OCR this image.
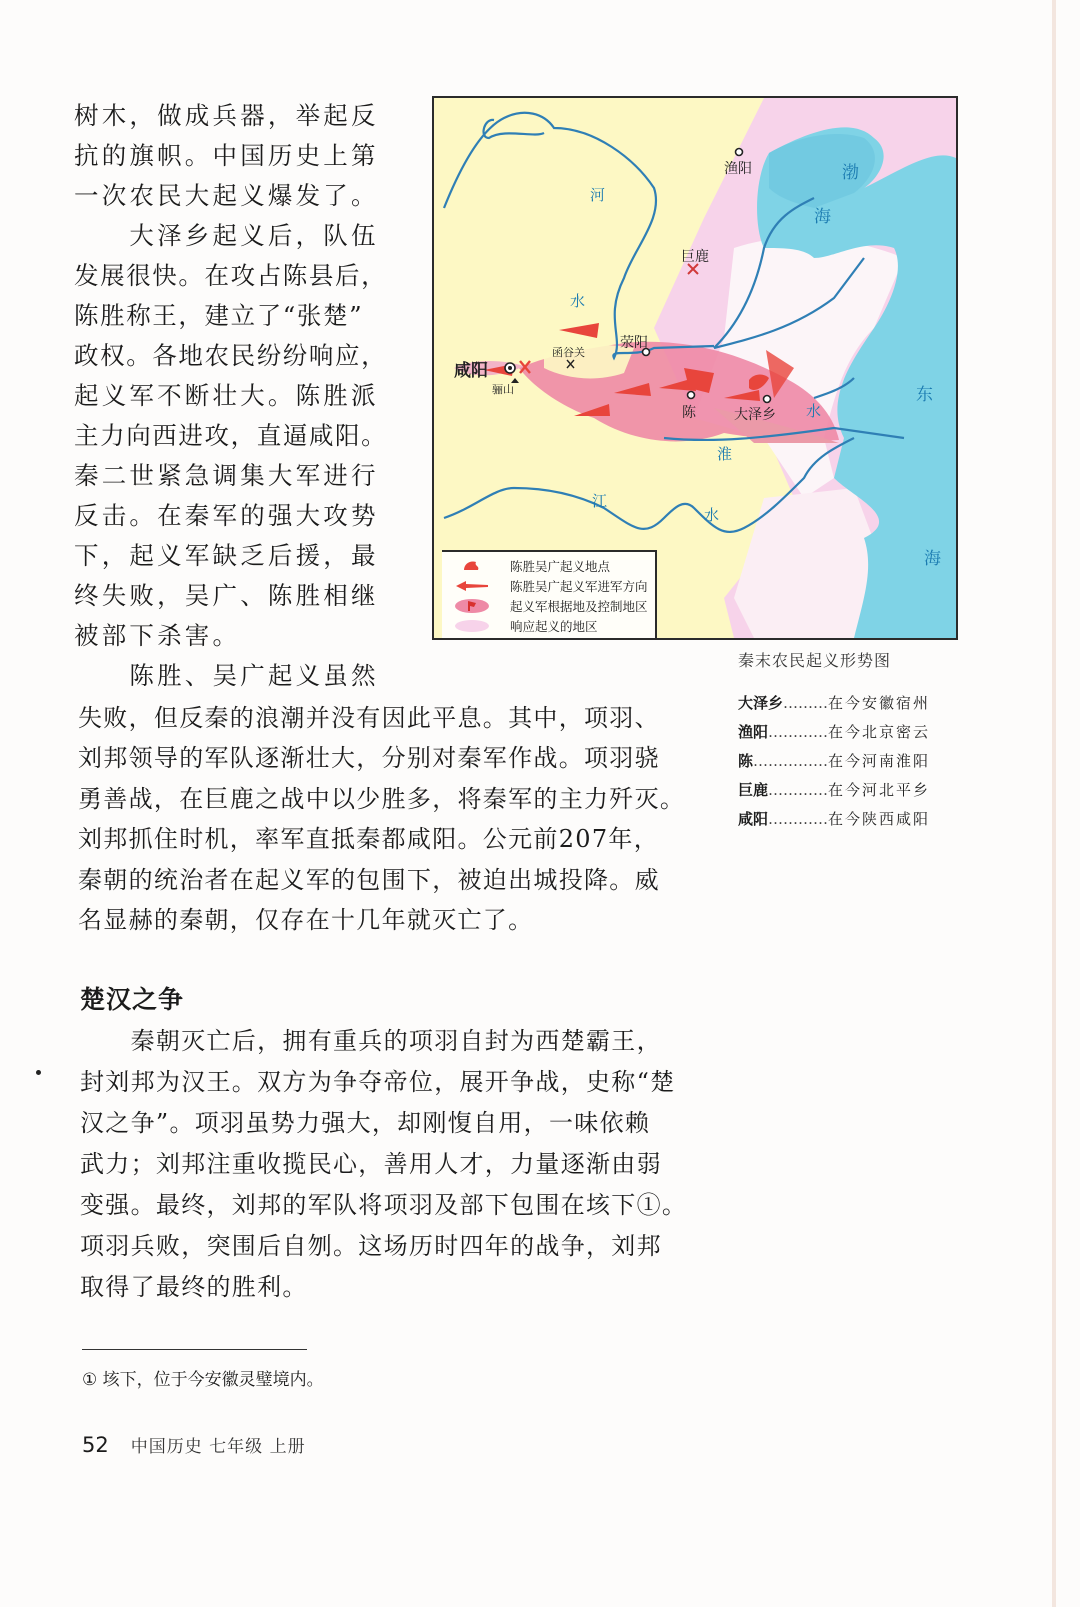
树木，做成兵器，举起反
抗的旗帜。中国历史上第
一次农民大起义爆发了。
　　大泽乡起义后，队伍
发展很快。在攻占陈县后，
陈胜称王，建立了“张楚”
政权。各地农民纷纷响应，
起义军不断壮大。陈胜派
主力向西进攻，直逼咸阳。
秦二世紧急调集大军进行
反击。在秦军的强大攻势
下，起义军缺乏后援，最
终失败，吴广、陈胜相继
被部下杀害。
　　陈胜、吴广起义虽然
失败，但反秦的浪潮并没有因此平息。其中，项羽、
刘邦领导的军队逐渐壮大，分别对秦军作战。项羽骁
勇善战，在巨鹿之战中以少胜多，将秦军的主力歼灭。
刘邦抓住时机，率军直抵秦都咸阳。公元前207年，
秦朝的统治者在起义军的包围下，被迫出城投降。威
名显赫的秦朝，仅存在十几年就灭亡了。
咸阳
骊山
函谷关
荥阳
渔阳
巨鹿
陈	大泽乡
河
水
淮
江
水
水
渤
海
东
海
陈胜吴广起义地点
陈胜吴广起义军进军方向
起义军根据地及控制地区
响应起义的地区
秦末农民起义形势图
大泽乡………在今安徽宿州
渔阳…………在今北京密云
陈……………在今河南淮阳
巨鹿…………在今河北平乡
咸阳…………在今陕西咸阳
楚汉之争
　　秦朝灭亡后，拥有重兵的项羽自封为西楚霸王，
封刘邦为汉王。双方为争夺帝位，展开争战，史称“楚
汉之争”。项羽虽势力强大，却刚愎自用，一味依赖
武力；刘邦注重收揽民心，善用人才，力量逐渐由弱
变强。最终，刘邦的军队将项羽及部下包围在垓下①。
项羽兵败，突围后自刎。这场历时四年的战争，刘邦
取得了最终的胜利。
① 垓下，位于今安徽灵璧境内。
52 中国历史 七年级 上册
